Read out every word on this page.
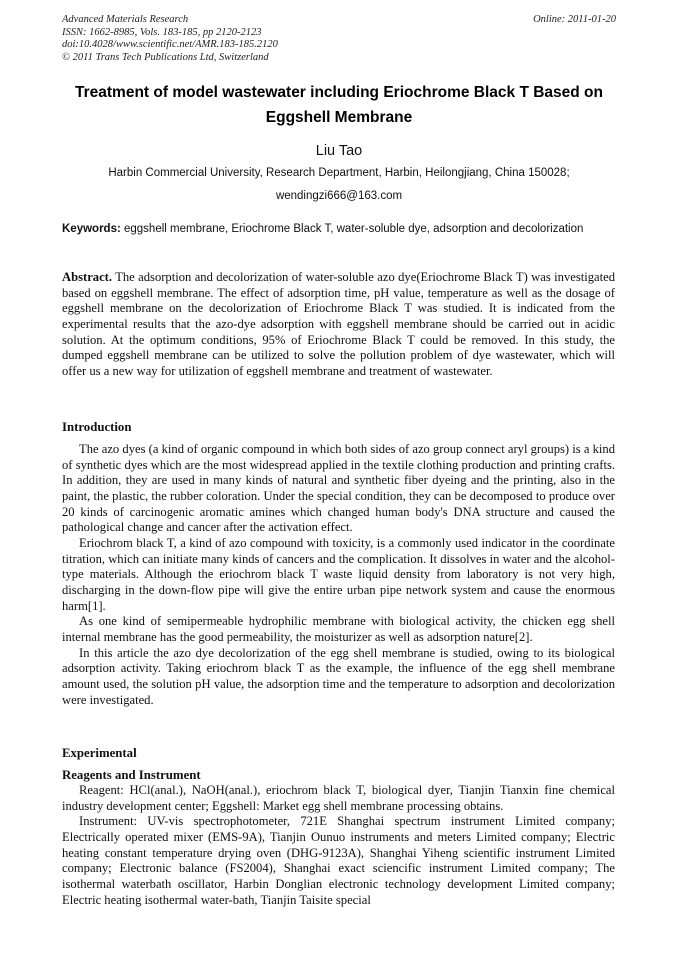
Advanced Materials Research
ISSN: 1662-8985, Vols. 183-185, pp 2120-2123
doi:10.4028/www.scientific.net/AMR.183-185.2120
© 2011 Trans Tech Publications Ltd, Switzerland
Online: 2011-01-20
Treatment of model wastewater including Eriochrome Black T Based on Eggshell Membrane
Liu Tao
Harbin Commercial University, Research Department, Harbin, Heilongjiang, China 150028;
wendingzi666@163.com
Keywords: eggshell membrane, Eriochrome Black T, water-soluble dye, adsorption and decolorization
Abstract. The adsorption and decolorization of water-soluble azo dye(Eriochrome Black T) was investigated based on eggshell membrane. The effect of adsorption time, pH value, temperature as well as the dosage of eggshell membrane on the decolorization of Eriochrome Black T was studied. It is indicated from the experimental results that the azo-dye adsorption with eggshell membrane should be carried out in acidic solution. At the optimum conditions, 95% of Eriochrome Black T could be removed. In this study, the dumped eggshell membrane can be utilized to solve the pollution problem of dye wastewater, which will offer us a new way for utilization of eggshell membrane and treatment of wastewater.
Introduction

The azo dyes (a kind of organic compound in which both sides of azo group connect aryl groups) is a kind of synthetic dyes which are the most widespread applied in the textile clothing production and printing crafts. In addition, they are used in many kinds of natural and synthetic fiber dyeing and the printing, also in the paint, the plastic, the rubber coloration. Under the special condition, they can be decomposed to produce over 20 kinds of carcinogenic aromatic amines which changed human body's DNA structure and caused the pathological change and cancer after the activation effect.

Eriochrom black T, a kind of azo compound with toxicity, is a commonly used indicator in the coordinate titration, which can initiate many kinds of cancers and the complication. It dissolves in water and the alcohol-type materials. Although the eriochrom black T waste liquid density from laboratory is not very high, discharging in the down-flow pipe will give the entire urban pipe network system and cause the enormous harm[1].

As one kind of semipermeable hydrophilic membrane with biological activity, the chicken egg shell internal membrane has the good permeability, the moisturizer as well as adsorption nature[2].

In this article the azo dye decolorization of the egg shell membrane is studied, owing to its biological adsorption activity. Taking eriochrom black T as the example, the influence of the egg shell membrane amount used, the solution pH value, the adsorption time and the temperature to adsorption and decolorization were investigated.

Experimental
Reagents and Instrument

Reagent: HCl(anal.), NaOH(anal.), eriochrom black T, biological dyer, Tianjin Tianxin fine chemical industry development center; Eggshell: Market egg shell membrane processing obtains.

Instrument: UV-vis spectrophotometer, 721E Shanghai spectrum instrument Limited company; Electrically operated mixer (EMS-9A), Tianjin Ounuo instruments and meters Limited company; Electric heating constant temperature drying oven (DHG-9123A), Shanghai Yiheng scientific instrument Limited company; Electronic balance (FS2004), Shanghai exact sciencific instrument Limited company; The isothermal waterbath oscillator, Harbin Donglian electronic technology development Limited company; Electric heating isothermal water-bath, Tianjin Taisite special
